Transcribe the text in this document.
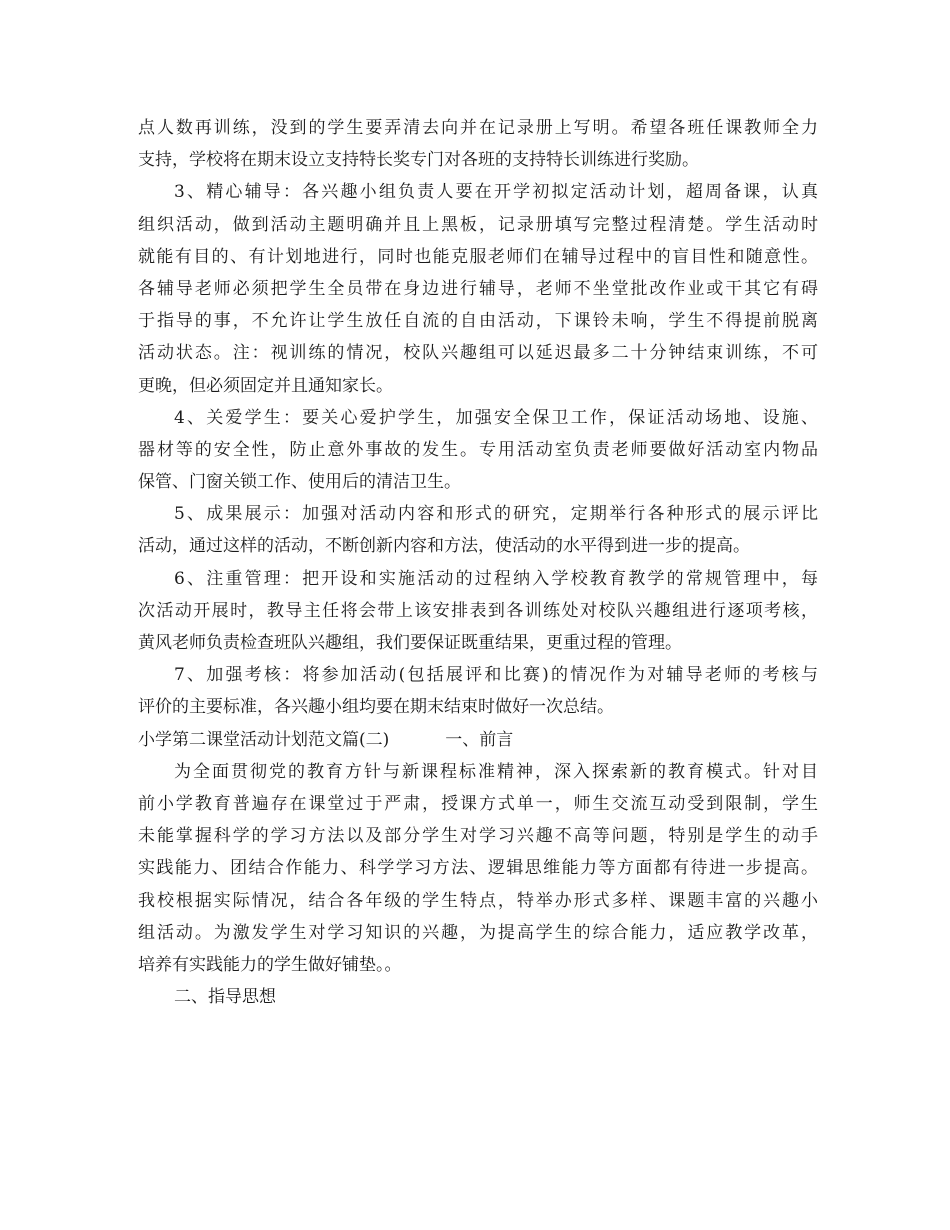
点人数再训练，没到的学生要弄清去向并在记录册上写明。希望各班任课教师全力
支持，学校将在期末设立支持特长奖专门对各班的支持特长训练进行奖励。
3、精心辅导：各兴趣小组负责人要在开学初拟定活动计划，超周备课，认真
组织活动，做到活动主题明确并且上黑板，记录册填写完整过程清楚。学生活动时
就能有目的、有计划地进行，同时也能克服老师们在辅导过程中的盲目性和随意性。
各辅导老师必须把学生全员带在身边进行辅导，老师不坐堂批改作业或干其它有碍
于指导的事，不允许让学生放任自流的自由活动，下课铃未响，学生不得提前脱离
活动状态。注：视训练的情况，校队兴趣组可以延迟最多二十分钟结束训练，不可
更晚，但必须固定并且通知家长。
4、关爱学生：要关心爱护学生，加强安全保卫工作，保证活动场地、设施、
器材等的安全性，防止意外事故的发生。专用活动室负责老师要做好活动室内物品
保管、门窗关锁工作、使用后的清洁卫生。
5、成果展示：加强对活动内容和形式的研究，定期举行各种形式的展示评比
活动，通过这样的活动，不断创新内容和方法，使活动的水平得到进一步的提高。
6、注重管理：把开设和实施活动的过程纳入学校教育教学的常规管理中，每
次活动开展时，教导主任将会带上该安排表到各训练处对校队兴趣组进行逐项考核，
黄风老师负责检查班队兴趣组，我们要保证既重结果，更重过程的管理。
7、加强考核：将参加活动(包括展评和比赛)的情况作为对辅导老师的考核与
评价的主要标准，各兴趣小组均要在期末结束时做好一次总结。
小学第二课堂活动计划范文篇(二)	一、前言
为全面贯彻党的教育方针与新课程标准精神，深入探索新的教育模式。针对目
前小学教育普遍存在课堂过于严肃，授课方式单一，师生交流互动受到限制，学生
未能掌握科学的学习方法以及部分学生对学习兴趣不高等问题，特别是学生的动手
实践能力、团结合作能力、科学学习方法、逻辑思维能力等方面都有待进一步提高。
我校根据实际情况，结合各年级的学生特点，特举办形式多样、课题丰富的兴趣小
组活动。为激发学生对学习知识的兴趣，为提高学生的综合能力，适应教学改革，
培养有实践能力的学生做好铺垫。。
二、指导思想
